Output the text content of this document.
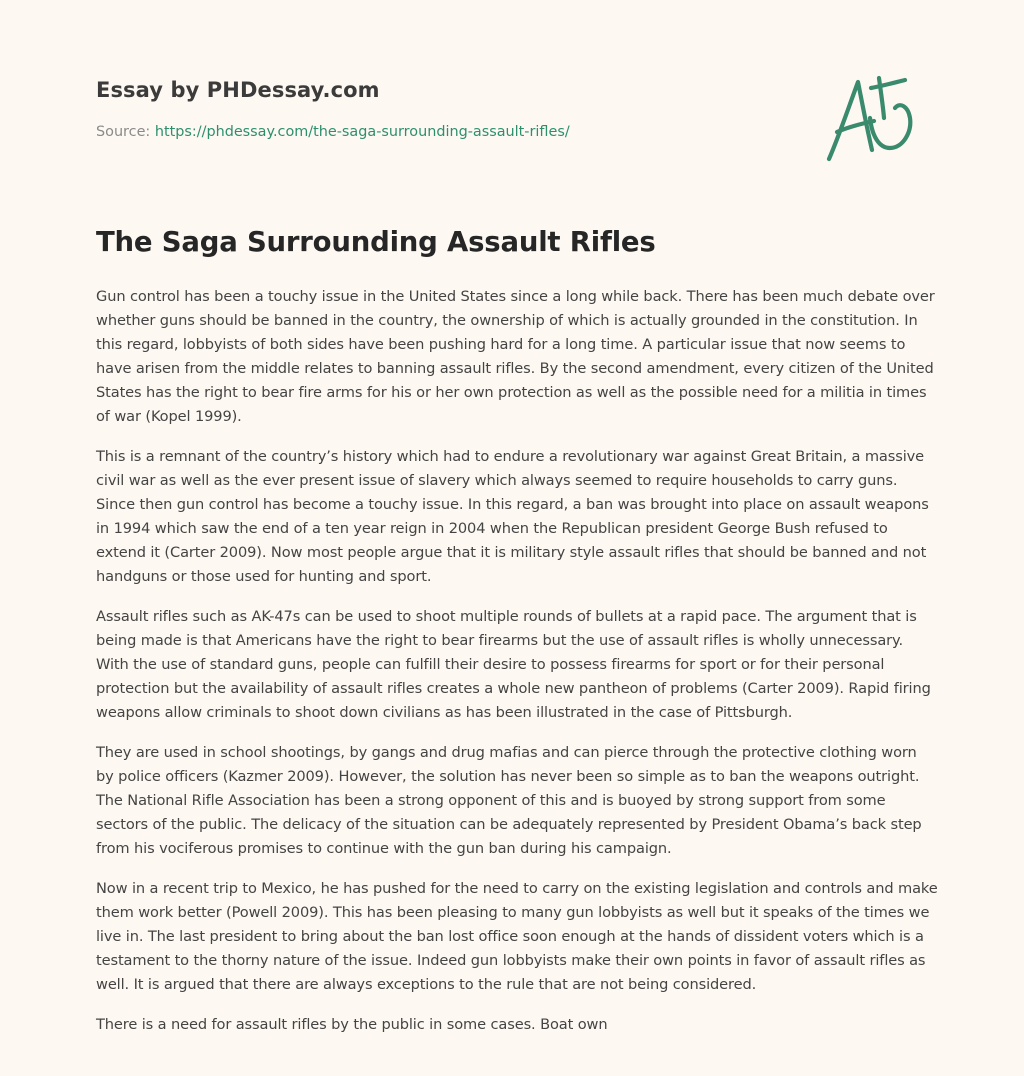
Essay by PHDessay.com
Source: https://phdessay.com/the-saga-surrounding-assault-rifles/
The Saga Surrounding Assault Rifles

Gun control has been a touchy issue in the United States since a long while back. There has been much debate over whether guns should be banned in the country, the ownership of which is actually grounded in the constitution. In this regard, lobbyists of both sides have been pushing hard for a long time. A particular issue that now seems to have arisen from the middle relates to banning assault rifles. By the second amendment, every citizen of the United States has the right to bear fire arms for his or her own protection as well as the possible need for a militia in times of war (Kopel 1999).

This is a remnant of the country’s history which had to endure a revolutionary war against Great Britain, a massive civil war as well as the ever present issue of slavery which always seemed to require households to carry guns. Since then gun control has become a touchy issue. In this regard, a ban was brought into place on assault weapons in 1994 which saw the end of a ten year reign in 2004 when the Republican president George Bush refused to extend it (Carter 2009). Now most people argue that it is military style assault rifles that should be banned and not handguns or those used for hunting and sport.

Assault rifles such as AK-47s can be used to shoot multiple rounds of bullets at a rapid pace. The argument that is being made is that Americans have the right to bear firearms but the use of assault rifles is wholly unnecessary. With the use of standard guns, people can fulfill their desire to possess firearms for sport or for their personal protection but the availability of assault rifles creates a whole new pantheon of problems (Carter 2009). Rapid firing weapons allow criminals to shoot down civilians as has been illustrated in the case of Pittsburgh.

They are used in school shootings, by gangs and drug mafias and can pierce through the protective clothing worn by police officers (Kazmer 2009). However, the solution has never been so simple as to ban the weapons outright. The National Rifle Association has been a strong opponent of this and is buoyed by strong support from some sectors of the public. The delicacy of the situation can be adequately represented by President Obama’s back step from his vociferous promises to continue with the gun ban during his campaign.

Now in a recent trip to Mexico, he has pushed for the need to carry on the existing legislation and controls and make them work better (Powell 2009). This has been pleasing to many gun lobbyists as well but it speaks of the times we live in. The last president to bring about the ban lost office soon enough at the hands of dissident voters which is a testament to the thorny nature of the issue. Indeed gun lobbyists make their own points in favor of assault rifles as well. It is argued that there are always exceptions to the rule that are not being considered.

There is a need for assault rifles by the public in some cases. Boat own
